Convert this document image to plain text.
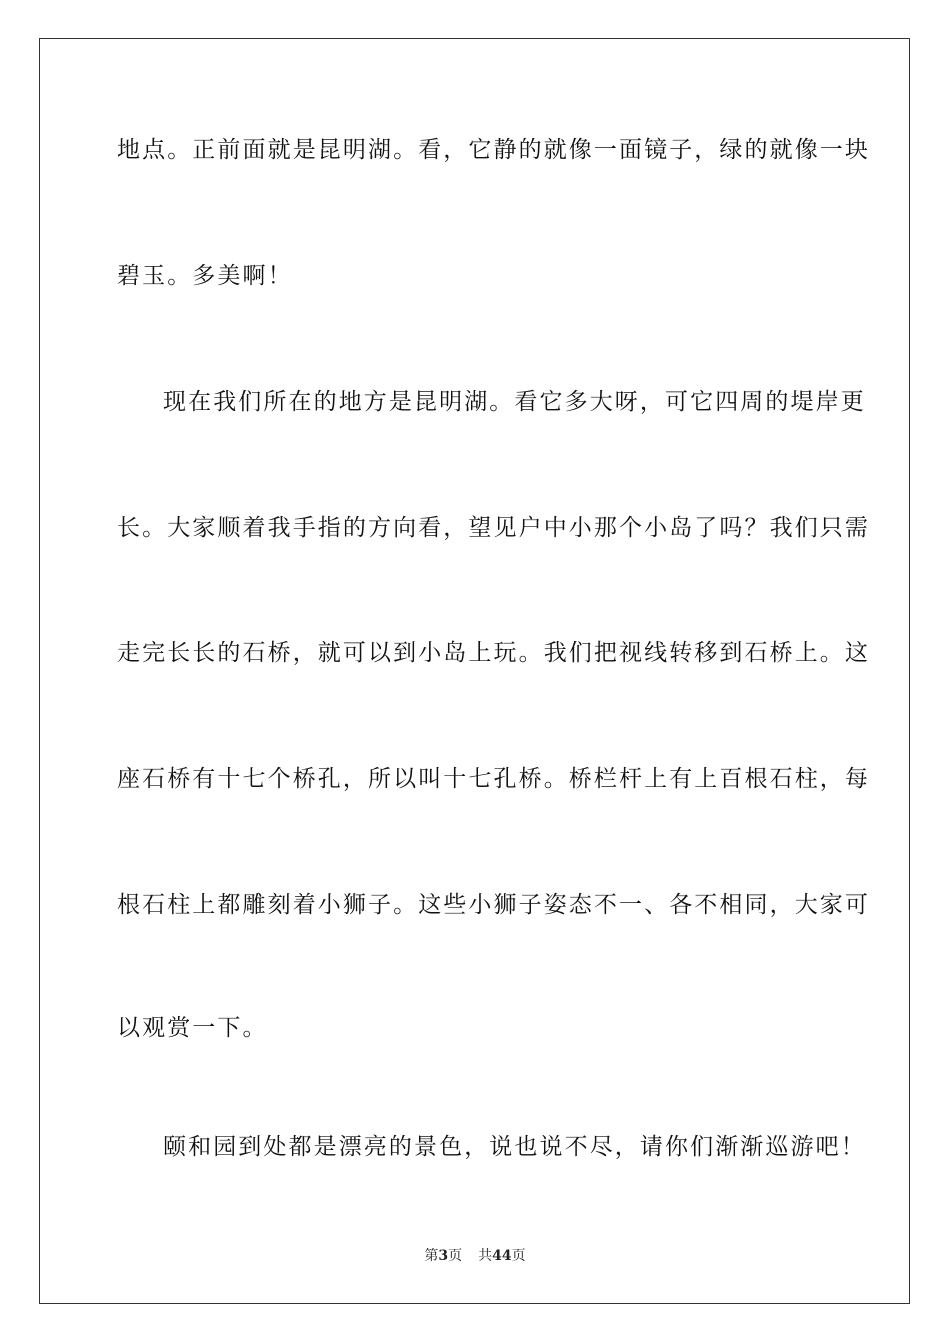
地点。正前面就是昆明湖。看，它静的就像一面镜子，绿的就像一块
碧玉。多美啊！
现在我们所在的地方是昆明湖。看它多大呀，可它四周的堤岸更
长。大家顺着我手指的方向看，望见户中小那个小岛了吗？我们只需
走完长长的石桥，就可以到小岛上玩。我们把视线转移到石桥上。这
座石桥有十七个桥孔，所以叫十七孔桥。桥栏杆上有上百根石柱，每
根石柱上都雕刻着小狮子。这些小狮子姿态不一、各不相同，大家可
以观赏一下。
颐和园到处都是漂亮的景色，说也说不尽，请你们渐渐巡游吧！
第3页 共44页
